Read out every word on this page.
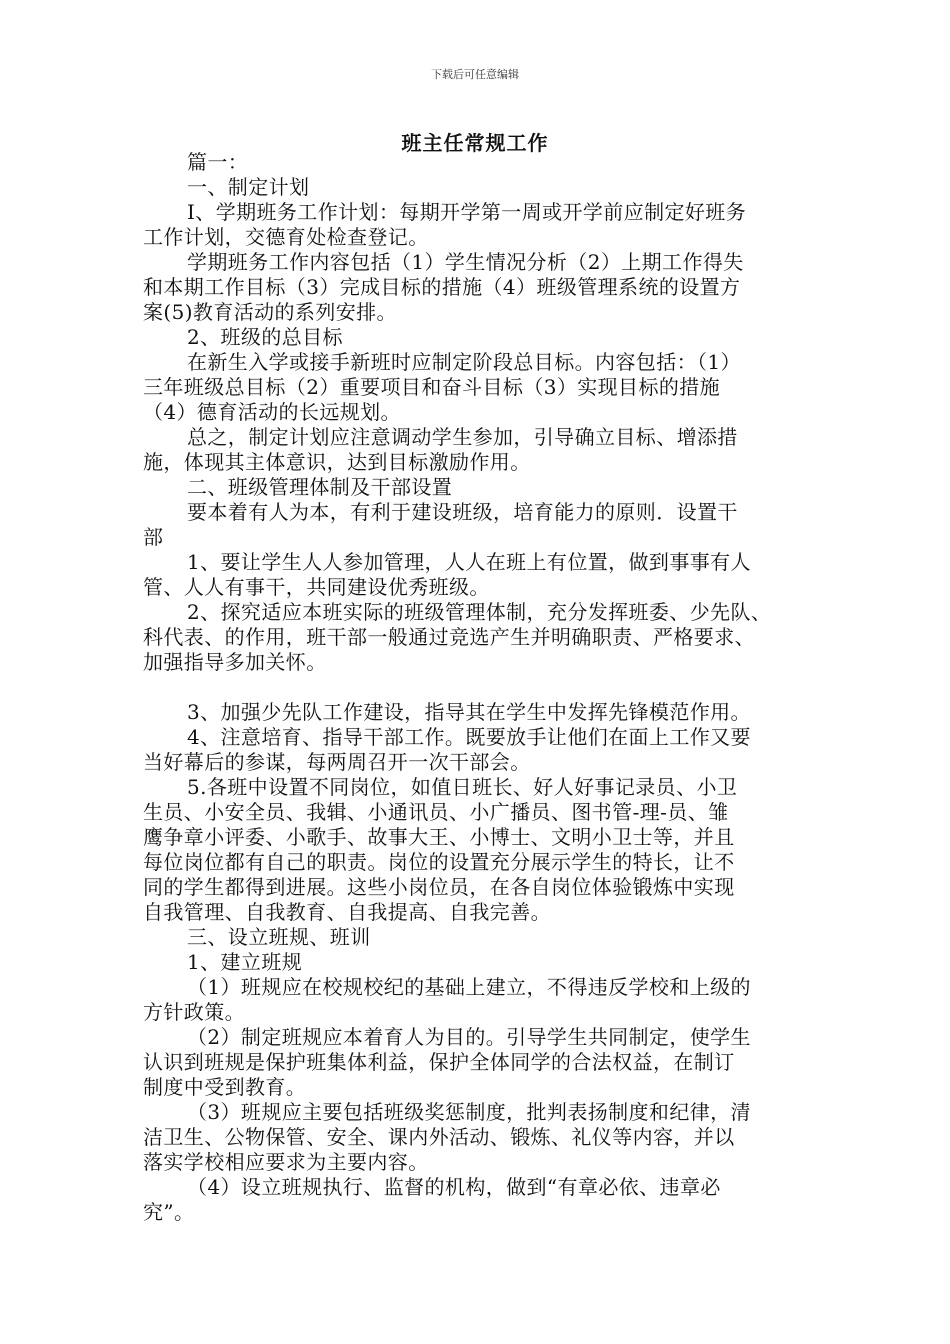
下载后可任意编辑
班主任常规工作
篇一：
一、制定计划
I、学期班务工作计划：每期开学第一周或开学前应制定好班务
工作计划，交德育处检查登记。
学期班务工作内容包括（1）学生情况分析（2）上期工作得失
和本期工作目标（3）完成目标的措施（4）班级管理系统的设置方
案(5)教育活动的系列安排。
2、班级的总目标
在新生入学或接手新班时应制定阶段总目标。内容包括：（1）
三年班级总目标（2）重要项目和奋斗目标（3）实现目标的措施
（4）德育活动的长远规划。
总之，制定计划应注意调动学生参加，引导确立目标、增添措
施，体现其主体意识，达到目标激励作用。
二、班级管理体制及干部设置
要本着有人为本，有利于建设班级，培育能力的原则．设置干
部
1、要让学生人人参加管理，人人在班上有位置，做到事事有人
管、人人有事干，共同建设优秀班级。
2、探究适应本班实际的班级管理体制，充分发挥班委、少先队、
科代表、的作用，班干部一般通过竞选产生并明确职责、严格要求、
加强指导多加关怀。
3、加强少先队工作建设，指导其在学生中发挥先锋模范作用。
4、注意培育、指导干部工作。既要放手让他们在面上工作又要
当好幕后的参谋，每两周召开一次干部会。
5.各班中设置不同岗位，如值日班长、好人好事记录员、小卫
生员、小安全员、我辑、小通讯员、小广播员、图书管-理-员、雏
鹰争章小评委、小歌手、故事大王、小博士、文明小卫士等，并且
每位岗位都有自己的职责。岗位的设置充分展示学生的特长，让不
同的学生都得到进展。这些小岗位员，在各自岗位体验锻炼中实现
自我管理、自我教育、自我提高、自我完善。
三、设立班规、班训
1、建立班规
（1）班规应在校规校纪的基础上建立，不得违反学校和上级的
方针政策。
（2）制定班规应本着育人为目的。引导学生共同制定，使学生
认识到班规是保护班集体利益，保护全体同学的合法权益，在制订
制度中受到教育。
（3）班规应主要包括班级奖惩制度，批判表扬制度和纪律，清
洁卫生、公物保管、安全、课内外活动、锻炼、礼仪等内容，并以
落实学校相应要求为主要内容。
（4）设立班规执行、监督的机构，做到“有章必依、违章必
究”。
